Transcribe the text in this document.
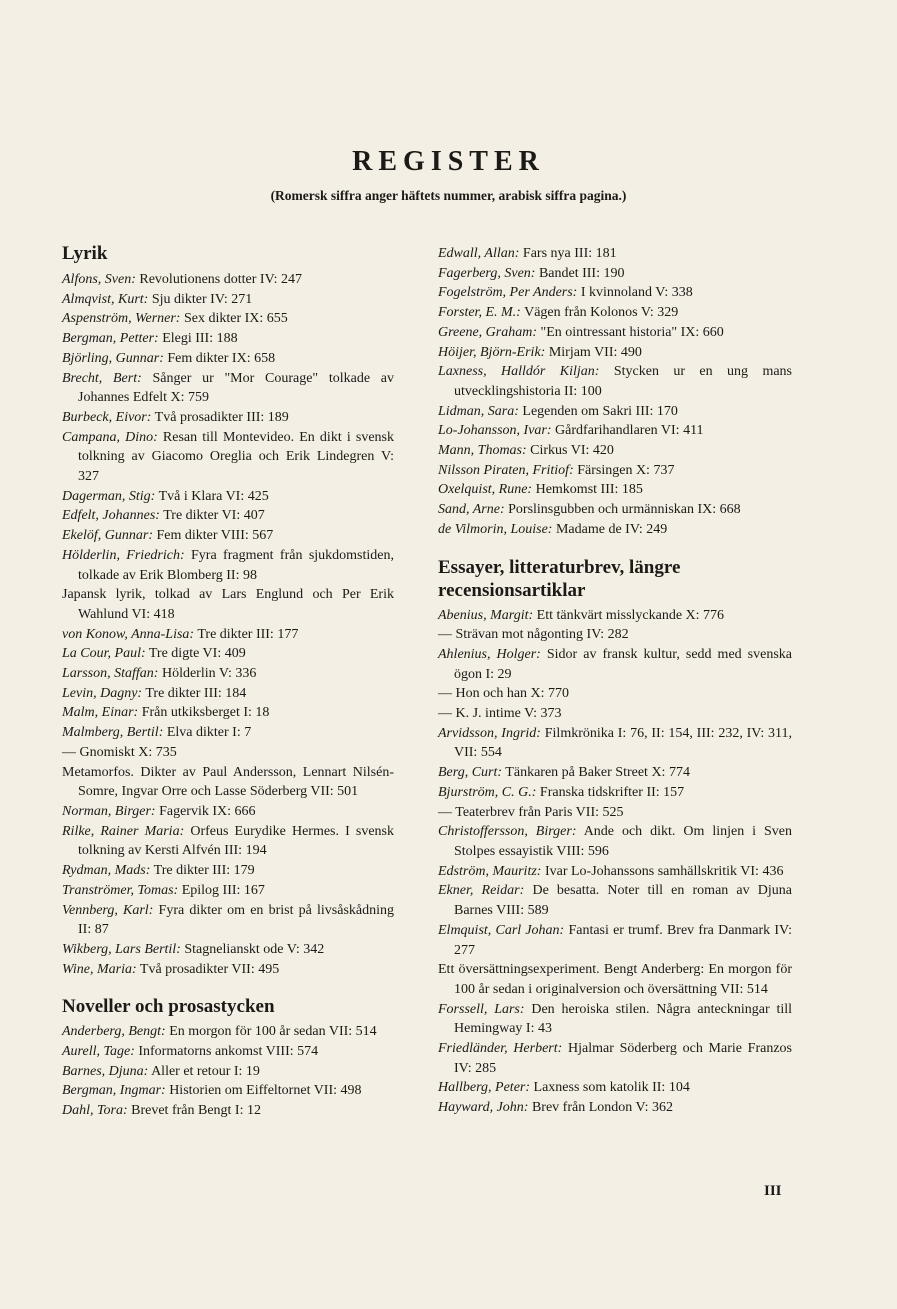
REGISTER
(Romersk siffra anger häftets nummer, arabisk siffra pagina.)
Lyrik

Alfons, Sven: Revolutionens dotter IV: 247

Almqvist, Kurt: Sju dikter IV: 271

Aspenström, Werner: Sex dikter IX: 655

Bergman, Petter: Elegi III: 188

Björling, Gunnar: Fem dikter IX: 658

Brecht, Bert: Sånger ur "Mor Courage" tolkade av Johannes Edfelt X: 759

Burbeck, Eivor: Två prosadikter III: 189

Campana, Dino: Resan till Montevideo. En dikt i svensk tolkning av Giacomo Oreglia och Erik Lindegren V: 327

Dagerman, Stig: Två i Klara VI: 425

Edfelt, Johannes: Tre dikter VI: 407

Ekelöf, Gunnar: Fem dikter VIII: 567

Hölderlin, Friedrich: Fyra fragment från sjukdomstiden, tolkade av Erik Blomberg II: 98

Japansk lyrik, tolkad av Lars Englund och Per Erik Wahlund VI: 418

von Konow, Anna-Lisa: Tre dikter III: 177

La Cour, Paul: Tre digte VI: 409

Larsson, Staffan: Hölderlin V: 336

Levin, Dagny: Tre dikter III: 184

Malm, Einar: Från utkiksberget I: 18

Malmberg, Bertil: Elva dikter I: 7

— Gnomiskt X: 735

Metamorfos. Dikter av Paul Andersson, Lennart Nilsén-Somre, Ingvar Orre och Lasse Söderberg VII: 501

Norman, Birger: Fagervik IX: 666

Rilke, Rainer Maria: Orfeus Eurydike Hermes. I svensk tolkning av Kersti Alfvén III: 194

Rydman, Mads: Tre dikter III: 179

Tranströmer, Tomas: Epilog III: 167

Vennberg, Karl: Fyra dikter om en brist på livsåskådning II: 87

Wikberg, Lars Bertil: Stagnelianskt ode V: 342

Wine, Maria: Två prosadikter VII: 495

Noveller och prosastycken

Anderberg, Bengt: En morgon för 100 år sedan VII: 514

Aurell, Tage: Informatorns ankomst VIII: 574

Barnes, Djuna: Aller et retour I: 19

Bergman, Ingmar: Historien om Eiffeltornet VII: 498

Dahl, Tora: Brevet från Bengt I: 12

Edwall, Allan: Fars nya III: 181

Fagerberg, Sven: Bandet III: 190

Fogelström, Per Anders: I kvinnoland V: 338

Forster, E. M.: Vägen från Kolonos V: 329

Greene, Graham: "En ointressant historia" IX: 660

Höijer, Björn-Erik: Mirjam VII: 490

Laxness, Halldór Kiljan: Stycken ur en ung mans utvecklingshistoria II: 100

Lidman, Sara: Legenden om Sakri III: 170

Lo-Johansson, Ivar: Gårdfarihandlaren VI: 411

Mann, Thomas: Cirkus VI: 420

Nilsson Piraten, Fritiof: Färsingen X: 737

Oxelquist, Rune: Hemkomst III: 185

Sand, Arne: Porslinsgubben och urmänniskan IX: 668

de Vilmorin, Louise: Madame de IV: 249

Essayer, litteraturbrev, längre recensionsartiklar

Abenius, Margit: Ett tänkvärt misslyckande X: 776

— Strävan mot någonting IV: 282

Ahlenius, Holger: Sidor av fransk kultur, sedd med svenska ögon I: 29

— Hon och han X: 770

— K. J. intime V: 373

Arvidsson, Ingrid: Filmkrönika I: 76, II: 154, III: 232, IV: 311, VII: 554

Berg, Curt: Tänkaren på Baker Street X: 774

Bjurström, C. G.: Franska tidskrifter II: 157

— Teaterbrev från Paris VII: 525

Christoffersson, Birger: Ande och dikt. Om linjen i Sven Stolpes essayistik VIII: 596

Edström, Mauritz: Ivar Lo-Johanssons samhällskritik VI: 436

Ekner, Reidar: De besatta. Noter till en roman av Djuna Barnes VIII: 589

Elmquist, Carl Johan: Fantasi er trumf. Brev fra Danmark IV: 277

Ett översättningsexperiment. Bengt Anderberg: En morgon för 100 år sedan i originalversion och översättning VII: 514

Forssell, Lars: Den heroiska stilen. Några anteckningar till Hemingway I: 43

Friedländer, Herbert: Hjalmar Söderberg och Marie Franzos IV: 285

Hallberg, Peter: Laxness som katolik II: 104

Hayward, John: Brev från London V: 362

III
